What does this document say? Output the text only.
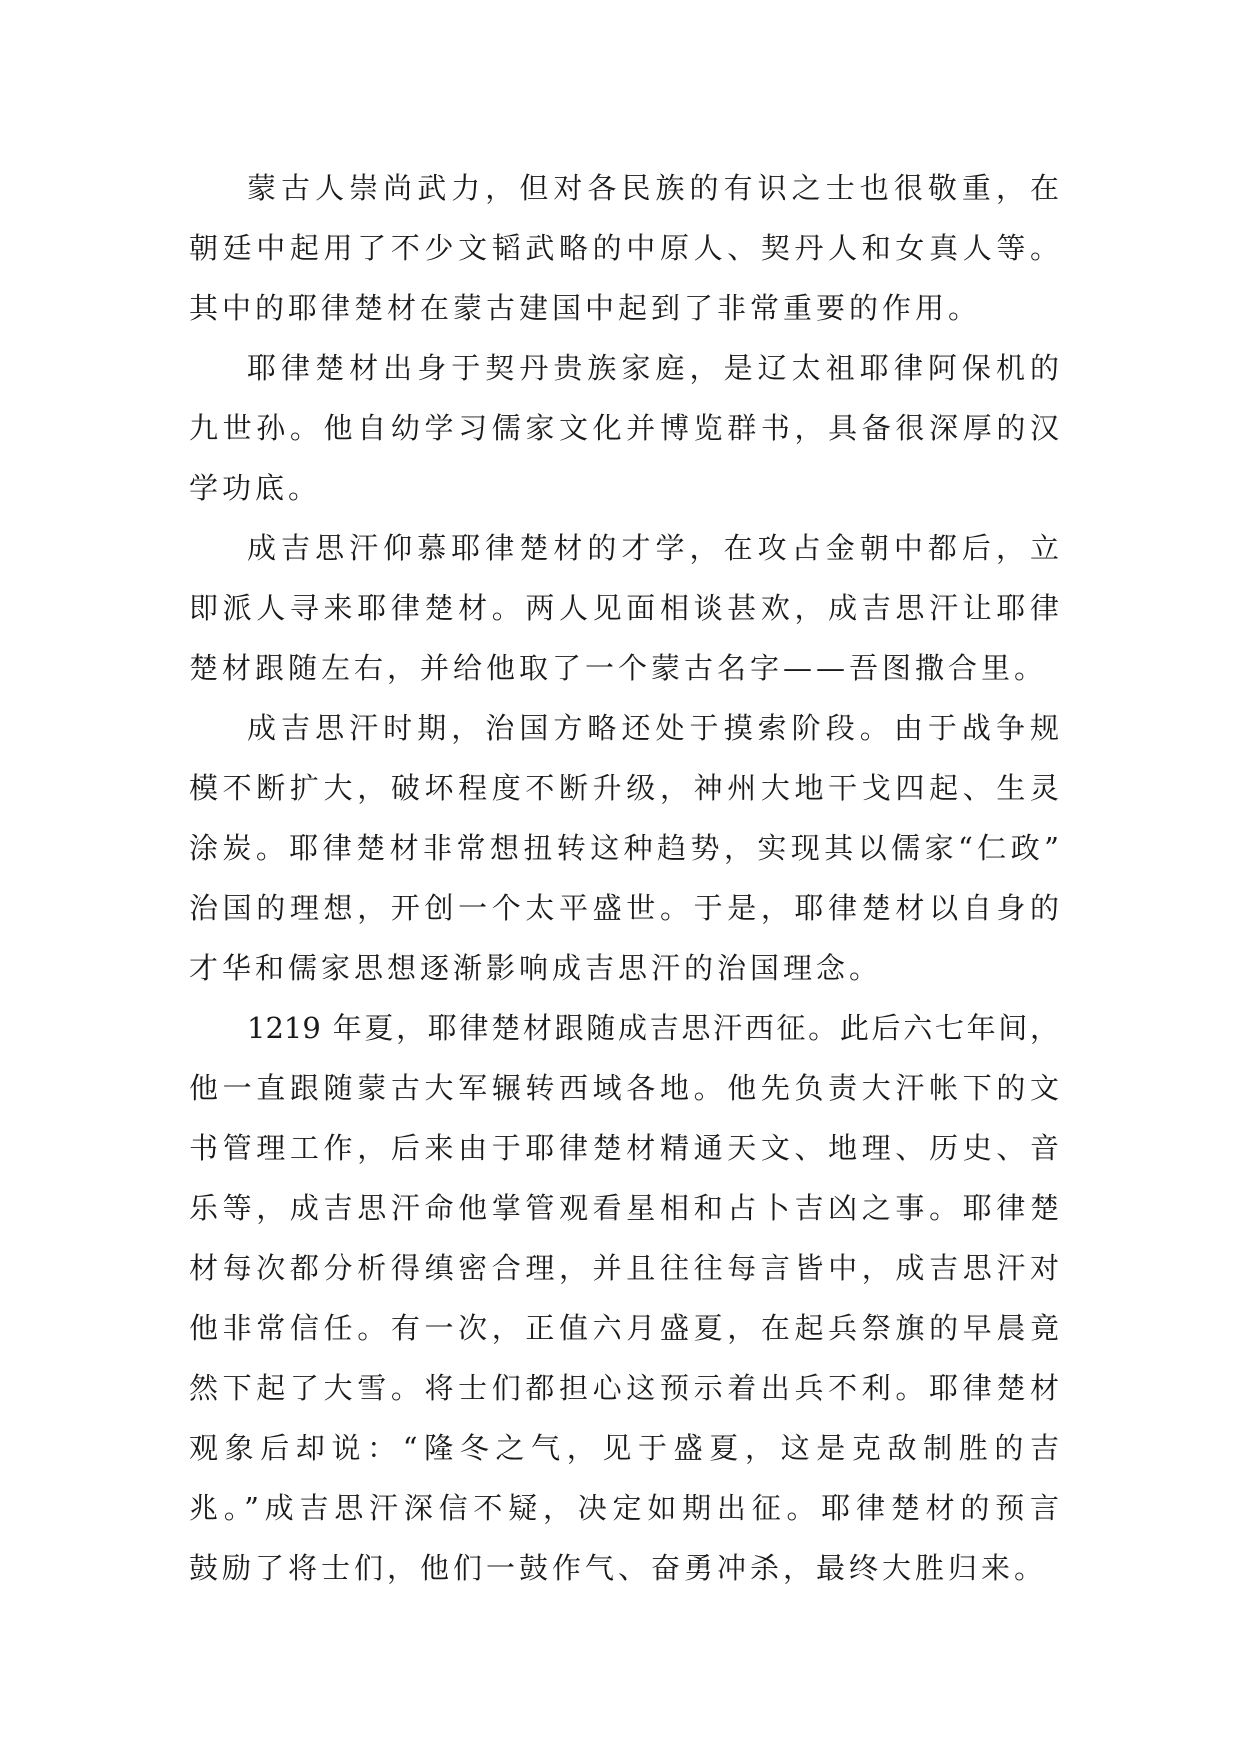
蒙古人崇尚武力，但对各民族的有识之士也很敬重，在
朝廷中起用了不少文韬武略的中原人、契丹人和女真人等。
其中的耶律楚材在蒙古建国中起到了非常重要的作用。
耶律楚材出身于契丹贵族家庭，是辽太祖耶律阿保机的
九世孙。他自幼学习儒家文化并博览群书，具备很深厚的汉
学功底。
成吉思汗仰慕耶律楚材的才学，在攻占金朝中都后，立
即派人寻来耶律楚材。两人见面相谈甚欢，成吉思汗让耶律
楚材跟随左右，并给他取了一个蒙古名字——吾图撒合里。
成吉思汗时期，治国方略还处于摸索阶段。由于战争规
模不断扩大，破坏程度不断升级，神州大地干戈四起、生灵
涂炭。耶律楚材非常想扭转这种趋势，实现其以儒家“仁政”
治国的理想，开创一个太平盛世。于是，耶律楚材以自身的
才华和儒家思想逐渐影响成吉思汗的治国理念。
1219 年夏，耶律楚材跟随成吉思汗西征。此后六七年间，
他一直跟随蒙古大军辗转西域各地。他先负责大汗帐下的文
书管理工作，后来由于耶律楚材精通天文、地理、历史、音
乐等，成吉思汗命他掌管观看星相和占卜吉凶之事。耶律楚
材每次都分析得缜密合理，并且往往每言皆中，成吉思汗对
他非常信任。有一次，正值六月盛夏，在起兵祭旗的早晨竟
然下起了大雪。将士们都担心这预示着出兵不利。耶律楚材
观象后却说：“隆冬之气，见于盛夏，这是克敌制胜的吉
兆。”成吉思汗深信不疑，决定如期出征。耶律楚材的预言
鼓励了将士们，他们一鼓作气、奋勇冲杀，最终大胜归来。
